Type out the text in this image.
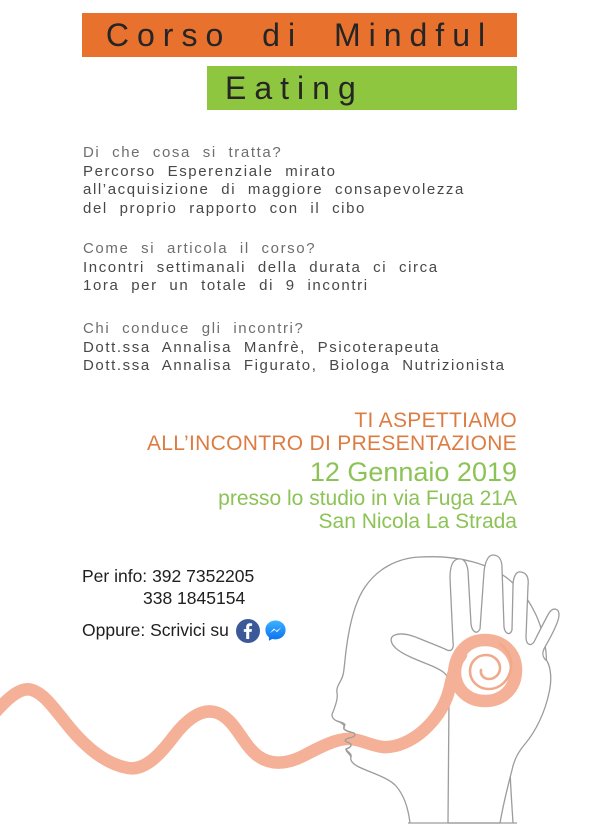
Corso di Mindful
Eating

Di che cosa si tratta?

Percorso Esperenziale mirato

all’acquisizione di maggiore consapevolezza

del proprio rapporto con il cibo

Come si articola il corso?

Incontri settimanali della durata ci circa

1ora per un totale di 9 incontri

Chi conduce gli incontri?

Dott.ssa Annalisa Manfrè, Psicoterapeuta

Dott.ssa Annalisa Figurato, Biologa Nutrizionista

TI ASPETTIAMO

ALL’INCONTRO DI PRESENTAZIONE

12 Gennaio 2019

presso lo studio in via Fuga 21A

San Nicola La Strada

Per info: 392 7352205

338 1845154

Oppure: Scrivici su
